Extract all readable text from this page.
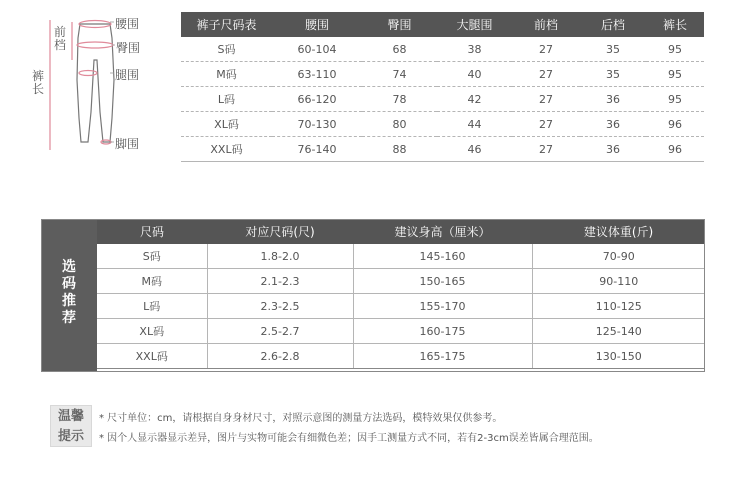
腰围
臀围
腿围
脚围
前档
裤长
裤子尺码表	腰围	臀围	大腿围	前档	后档	裤长
S码	60-104	68	38	27	35	95
M码	63-110	74	40	27	35	95
L码	66-120	78	42	27	36	95
XL码	70-130	80	44	27	36	96
XXL码	76-140	88	46	27	36	96
选码推荐
尺码	对应尺码(尺)	建议身高（厘米）	建议体重(斤)
S码	1.8-2.0	145-160	70-90
M码	2.1-2.3	150-165	90-110
L码	2.3-2.5	155-170	110-125
XL码	2.5-2.7	160-175	125-140
XXL码	2.6-2.8	165-175	130-150
温馨
提示
* 尺寸单位：cm，请根据自身身材尺寸，对照示意图的测量方法选码，模特效果仅供参考。
* 因个人显示器显示差异，图片与实物可能会有细微色差；因手工测量方式不同，若有2-3cm误差皆属合理范围。
